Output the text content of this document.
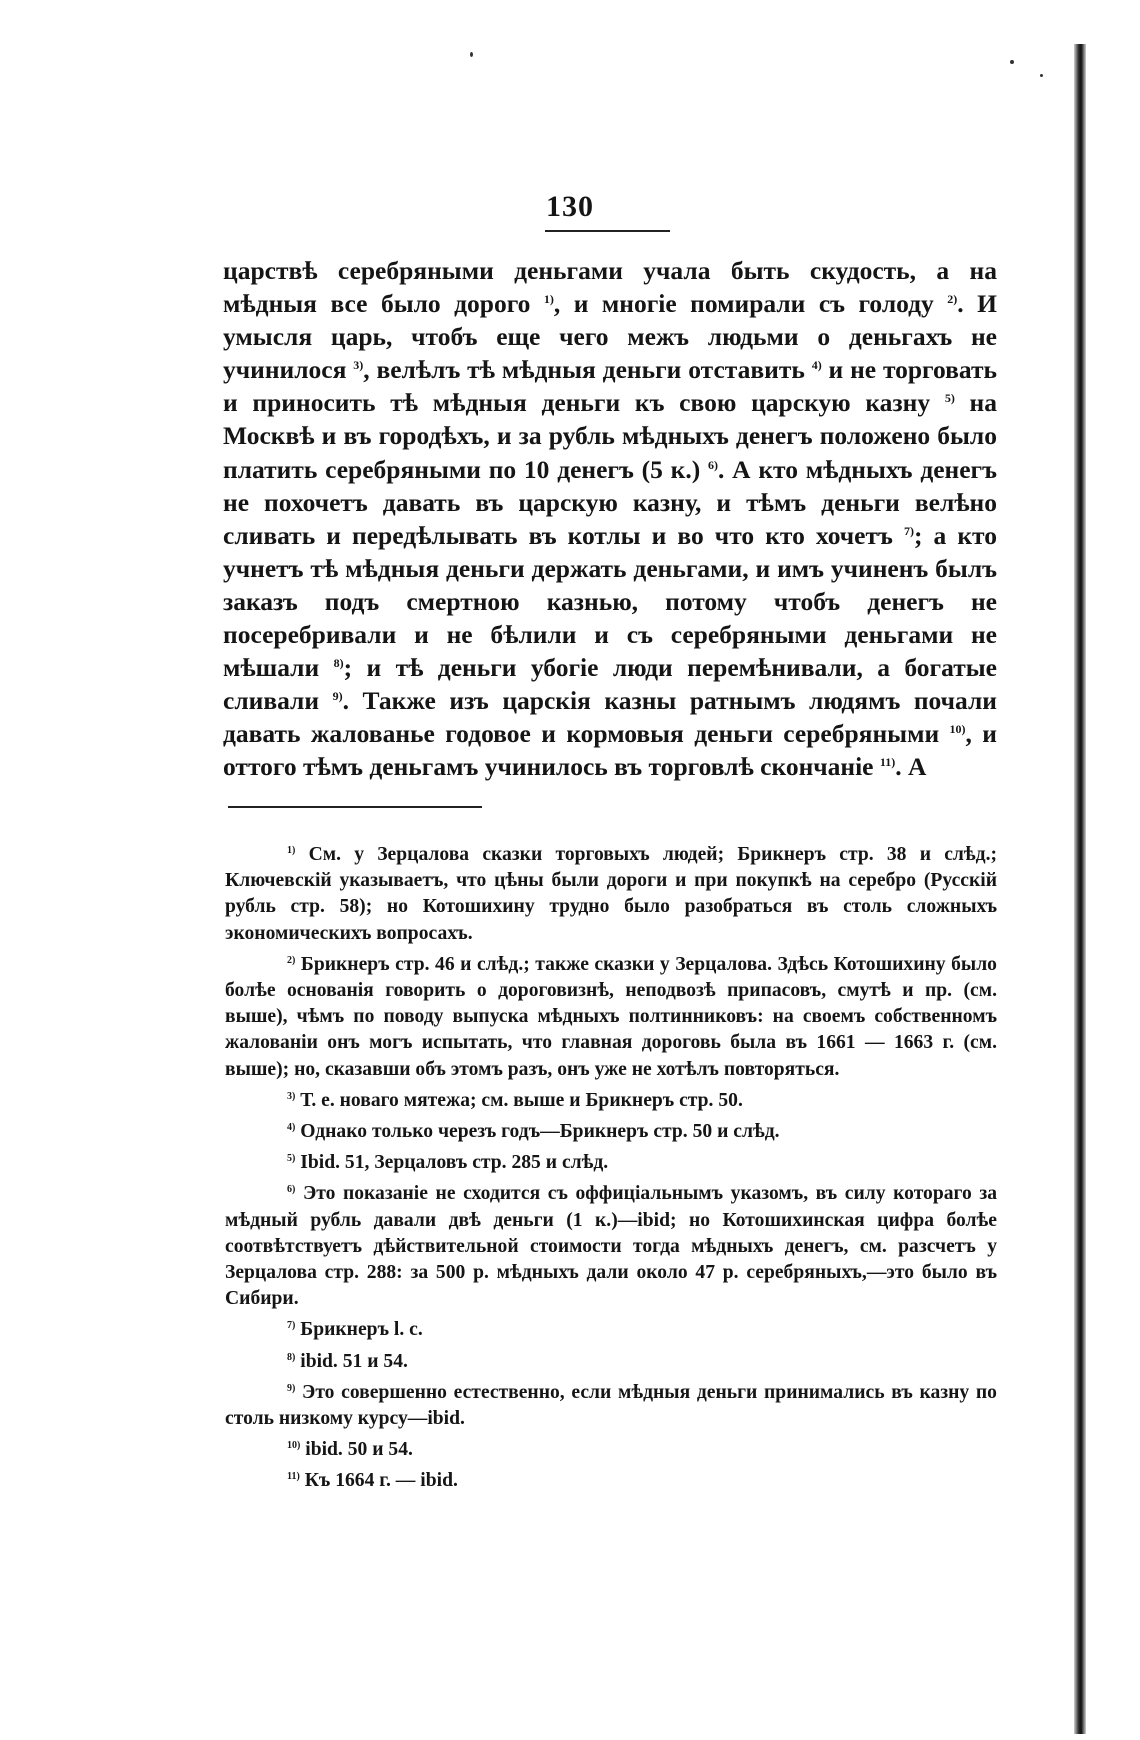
130
царствѣ серебряными деньгами учала быть скудость, а на мѣдныя все было дорого $^{1)}$, и многіе помирали съ голоду $^{2)}$. И умысля царь, чтобъ еще чего межъ людьми о деньгахъ не учинилося $^{3)}$, велѣлъ тѣ мѣдныя деньги отставить $^{4)}$ и не торговать и приносить тѣ мѣдныя деньги къ свою царскую казну $^{5)}$ на Москвѣ и въ городѣхъ, и за рубль мѣдныхъ денегъ положено было платить серебряными по 10 денегъ (5 к.) $^{6)}$. А кто мѣдныхъ денегъ не похочетъ давать въ царскую казну, и тѣмъ деньги велѣно сливать и передѣлывать въ котлы и во что кто хочетъ $^{7)}$; а кто учнетъ тѣ мѣдныя деньги держать деньгами, и имъ учиненъ былъ заказъ подъ смертною казнью, потому чтобъ денегъ не посеребривали и не бѣлили и съ серебряными деньгами не мѣшали $^{8)}$; и тѣ деньги убогіе люди перемѣнивали, а богатые сливали $^{9)}$. Также изъ царскія казны ратнымъ людямъ почали давать жалованье годовое и кормовыя деньги серебряными $^{10)}$, и оттого тѣмъ деньгамъ учинилось въ торговлѣ скончаніе $^{11)}$. А

$^{1)}$ См. у Зерцалова сказки торговыхъ людей; Брикнеръ стр. 38 и слѣд.; Ключевскій указываетъ, что цѣны были дороги и при покупкѣ на серебро (Русскій рубль стр. 58); но Котошихину трудно было разобраться въ столь сложныхъ экономическихъ вопросахъ.

$^{2)}$ Брикнеръ стр. 46 и слѣд.; также сказки у Зерцалова. Здѣсь Котошихину было болѣе основанія говорить о дороговизнѣ, неподвозѣ припасовъ, смутѣ и пр. (см. выше), чѣмъ по поводу выпуска мѣдныхъ полтинниковъ: на своемъ собственномъ жалованіи онъ могъ испытать, что главная дороговь была въ 1661 — 1663 г. (см. выше); но, сказавши объ этомъ разъ, онъ уже не хотѣлъ повторяться.

$^{3)}$ Т. е. новаго мятежа; см. выше и Брикнеръ стр. 50.

$^{4)}$ Однако только черезъ годъ—Брикнеръ стр. 50 и слѣд.

$^{5)}$ Ibid. 51, Зерцаловъ стр. 285 и слѣд.

$^{6)}$ Это показаніе не сходится съ оффиціальнымъ указомъ, въ силу котораго за мѣдный рубль давали двѣ деньги (1 к.)—ibid; но Котошихинская цифра болѣе соотвѣтствуетъ дѣйствительной стоимости тогда мѣдныхъ денегъ, см. разсчетъ у Зерцалова стр. 288: за 500 р. мѣдныхъ дали около 47 р. серебряныхъ,—это было въ Сибири.

$^{7)}$ Брикнеръ l. c.

$^{8)}$ ibid. 51 и 54.

$^{9)}$ Это совершенно естественно, если мѣдныя деньги принимались въ казну по столь низкому курсу—ibid.

$^{10)}$ ibid. 50 и 54.

$^{11)}$ Къ 1664 г. — ibid.
